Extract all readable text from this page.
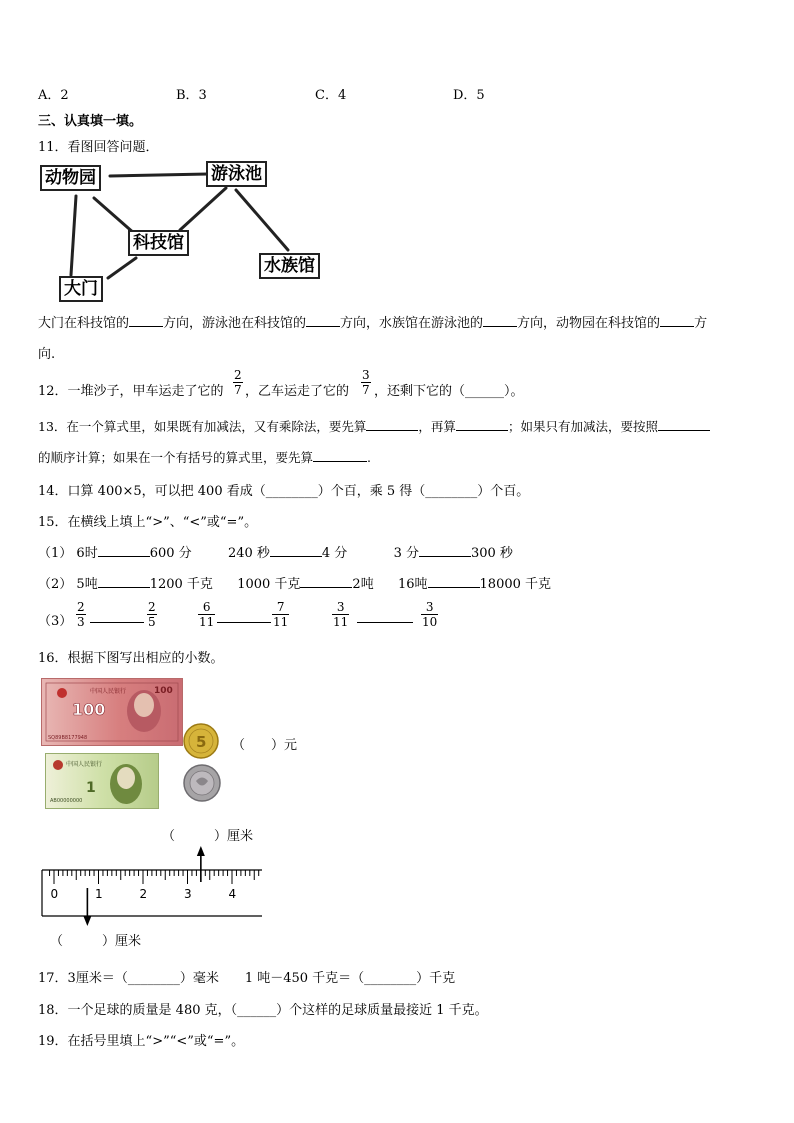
A．2	B．3	C．4	D．5
三、认真填一填。
11．看图回答问题．
动物园	游泳池
科技馆
水族馆
大门
大门在科技馆的	方向，游泳池在科技馆的	方向，水族馆在游泳池的	方向，动物园在科技馆的	方
向.
12．一堆沙子，甲车运走了它的 $\frac{2}{7}$ ，乙车运走了它的 $\frac{3}{7}$ ，还剩下它的（______）。
13．在一个算式里，如果既有加减法，又有乘除法，要先算	，再算	；如果只有加减法，要按照
的顺序计算；如果在一个有括号的算式里，要先算	.
14．口算 400×5，可以把 400 看成（________）个百，乘 5 得（________）个百。
15．在横线上填上“>”、“<”或“=”。
（1） 6时	600 分	240 秒	4 分	3 分	300 秒
（2） 5吨	1200 千克 1000 千克	2吨 16吨	18000 千克
$(3) \frac{2}{3}$	$\frac{2}{5}$	$\frac{6}{11}$	$\frac{7}{11}$	$\frac{3}{11}$	$\frac{3}{10}$
16．根据下图写出相应的小数。
中国人民银行
100
SQ89B8177948
100
中国人民银行
1
AB00000000
5 （　　）元
（　　　）厘米
0	1	2	3	4
（　　　）厘米
17．3厘米＝（________）毫米　　1 吨－450 千克＝（________）千克
18．一个足球的质量是 480 克，（______）个这样的足球质量最接近 1 千克。
19．在括号里填上“>”“<”或“=”。
